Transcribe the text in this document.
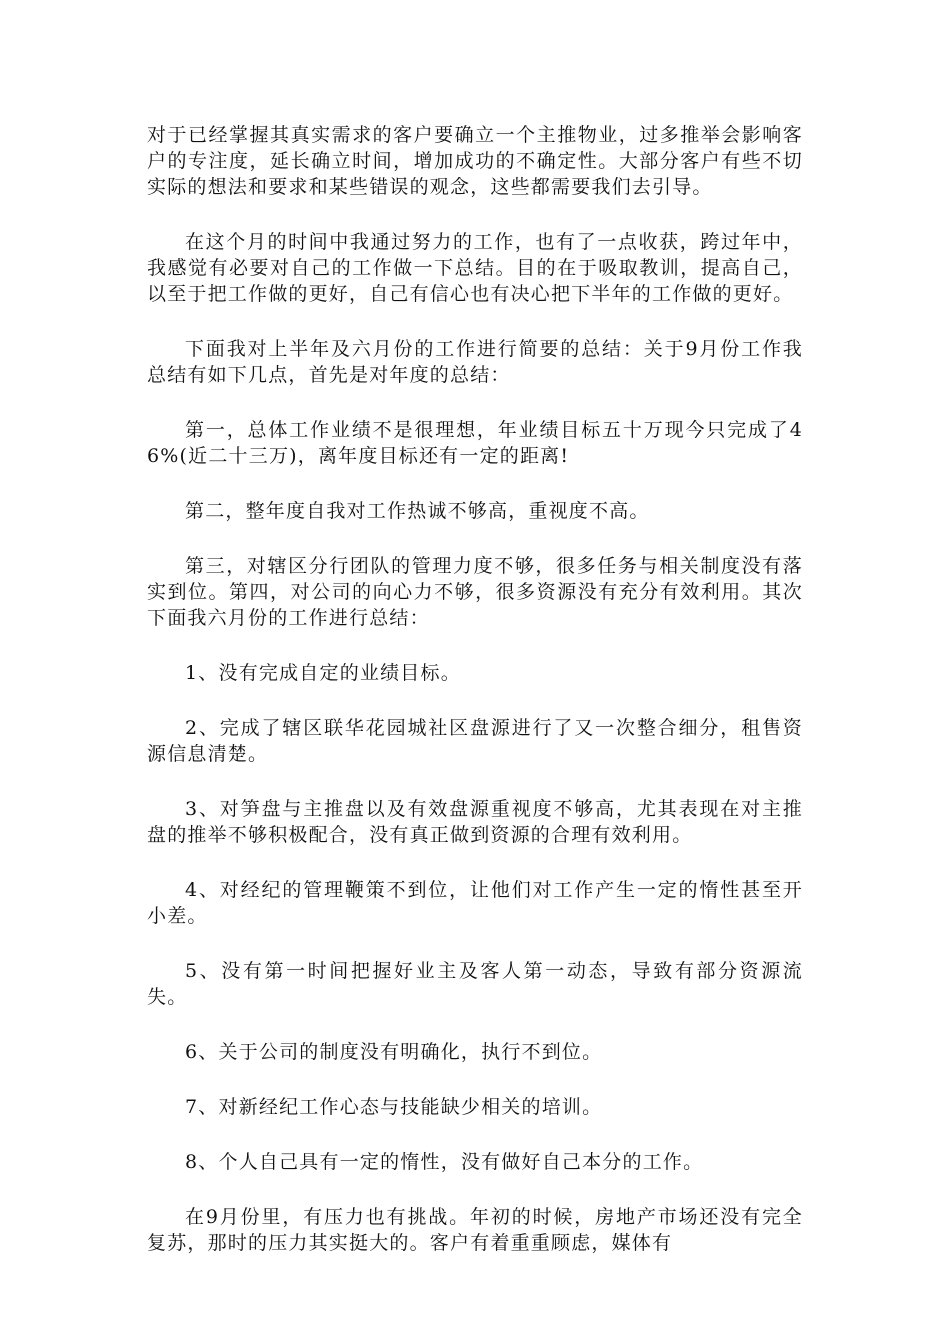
对于已经掌握其真实需求的客户要确立一个主推物业，过多推举会影响客户的专注度，延长确立时间，增加成功的不确定性。大部分客户有些不切实际的想法和要求和某些错误的观念，这些都需要我们去引导。

在这个月的时间中我通过努力的工作，也有了一点收获，跨过年中，我感觉有必要对自己的工作做一下总结。目的在于吸取教训，提高自己，以至于把工作做的更好，自己有信心也有决心把下半年的工作做的更好。

下面我对上半年及六月份的工作进行简要的总结：关于9月份工作我总结有如下几点，首先是对年度的总结：

第一，总体工作业绩不是很理想，年业绩目标五十万现今只完成了46%(近二十三万)，离年度目标还有一定的距离!

第二，整年度自我对工作热诚不够高，重视度不高。

第三，对辖区分行团队的管理力度不够，很多任务与相关制度没有落实到位。第四，对公司的向心力不够，很多资源没有充分有效利用。其次下面我六月份的工作进行总结：

1、没有完成自定的业绩目标。

2、完成了辖区联华花园城社区盘源进行了又一次整合细分，租售资源信息清楚。

3、对笋盘与主推盘以及有效盘源重视度不够高，尤其表现在对主推盘的推举不够积极配合，没有真正做到资源的合理有效利用。

4、对经纪的管理鞭策不到位，让他们对工作产生一定的惰性甚至开小差。

5、没有第一时间把握好业主及客人第一动态，导致有部分资源流失。

6、关于公司的制度没有明确化，执行不到位。

7、对新经纪工作心态与技能缺少相关的培训。

8、个人自己具有一定的惰性，没有做好自己本分的工作。

在9月份里，有压力也有挑战。年初的时候，房地产市场还没有完全复苏，那时的压力其实挺大的。客户有着重重顾虑，媒体有
